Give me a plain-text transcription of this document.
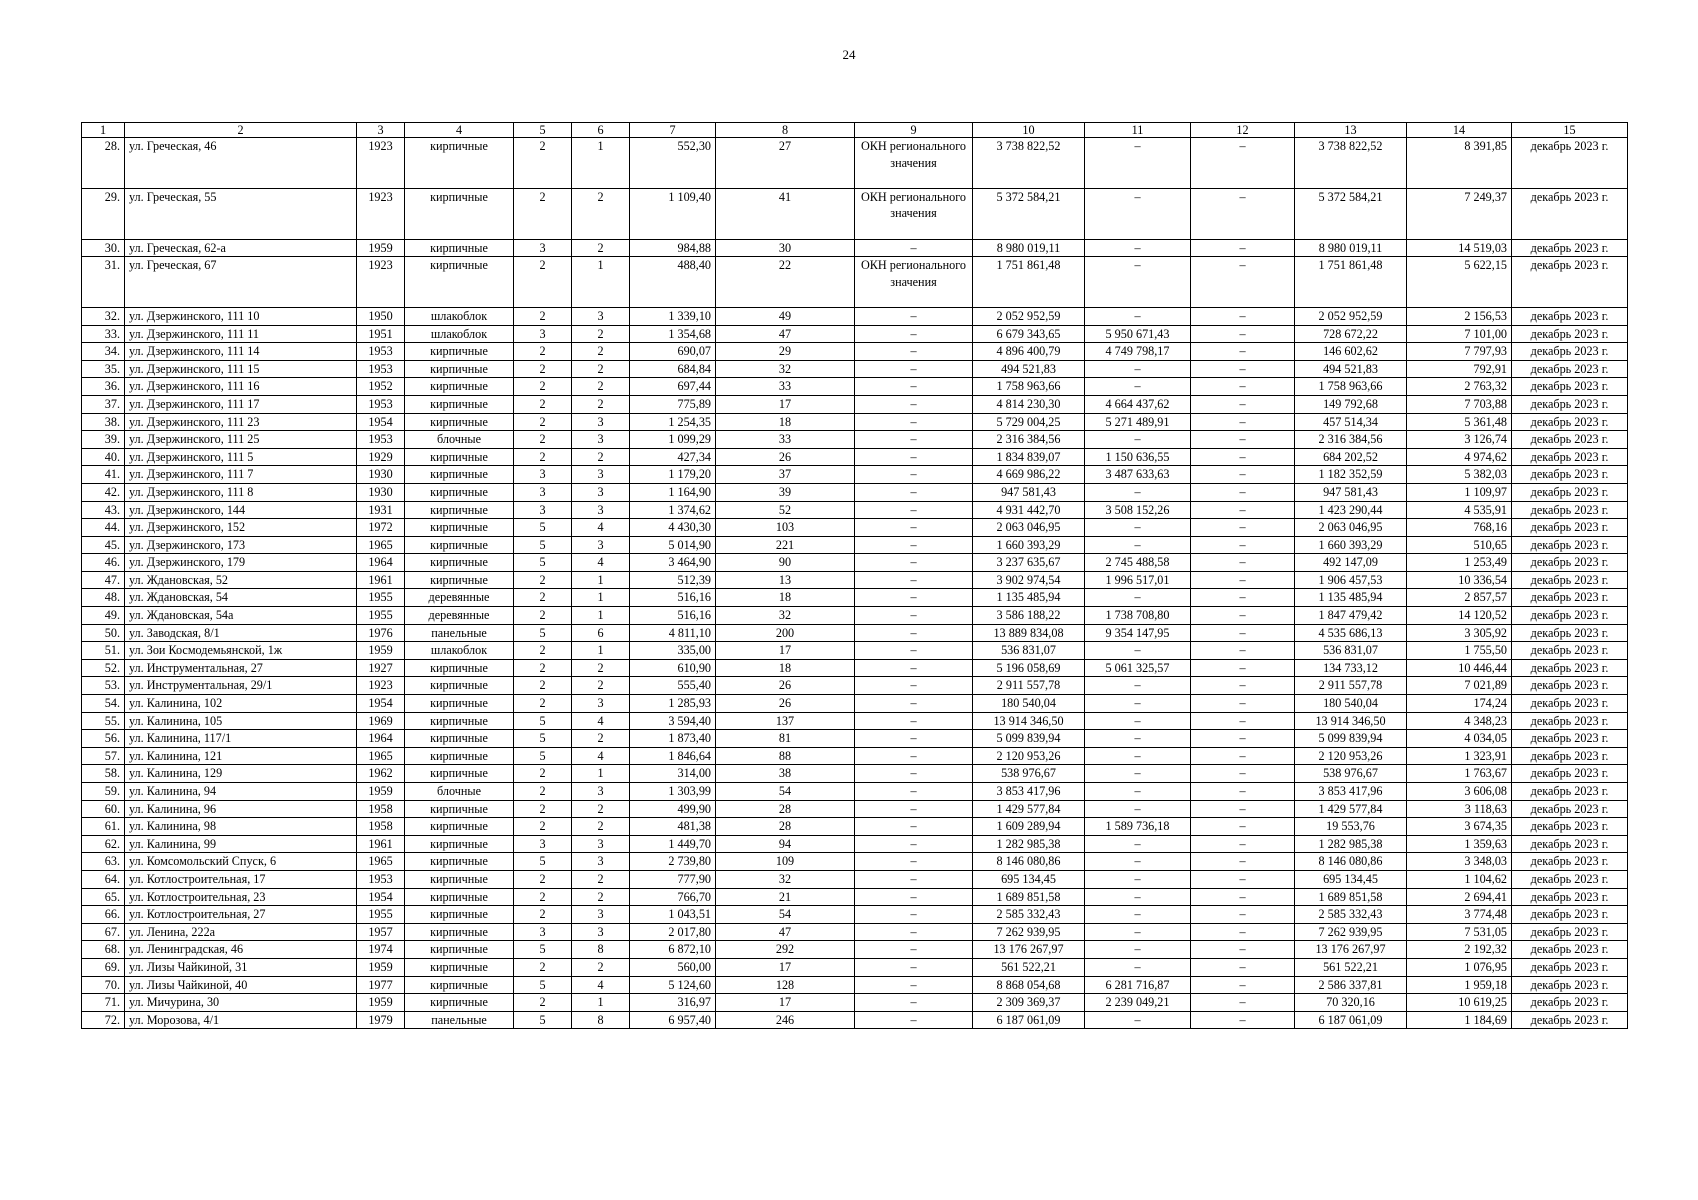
24
1	2	3	4	5	6	7	8	9	10	11	12	13	14	15
28.	ул. Греческая, 46	1923	кирпичные	2	1	552,30	27	ОКН регионального значения	3 738 822,52	–	–	3 738 822,52	8 391,85	декабрь 2023 г.
29.	ул. Греческая, 55	1923	кирпичные	2	2	1 109,40	41	ОКН регионального значения	5 372 584,21	–	–	5 372 584,21	7 249,37	декабрь 2023 г.
30.	ул. Греческая, 62-а	1959	кирпичные	3	2	984,88	30	–	8 980 019,11	–	–	8 980 019,11	14 519,03	декабрь 2023 г.
31.	ул. Греческая, 67	1923	кирпичные	2	1	488,40	22	ОКН регионального значения	1 751 861,48	–	–	1 751 861,48	5 622,15	декабрь 2023 г.
32.	ул. Дзержинского, 111 10	1950	шлакоблок	2	3	1 339,10	49	–	2 052 952,59	–	–	2 052 952,59	2 156,53	декабрь 2023 г.
33.	ул. Дзержинского, 111 11	1951	шлакоблок	3	2	1 354,68	47	–	6 679 343,65	5 950 671,43	–	728 672,22	7 101,00	декабрь 2023 г.
34.	ул. Дзержинского, 111 14	1953	кирпичные	2	2	690,07	29	–	4 896 400,79	4 749 798,17	–	146 602,62	7 797,93	декабрь 2023 г.
35.	ул. Дзержинского, 111 15	1953	кирпичные	2	2	684,84	32	–	494 521,83	–	–	494 521,83	792,91	декабрь 2023 г.
36.	ул. Дзержинского, 111 16	1952	кирпичные	2	2	697,44	33	–	1 758 963,66	–	–	1 758 963,66	2 763,32	декабрь 2023 г.
37.	ул. Дзержинского, 111 17	1953	кирпичные	2	2	775,89	17	–	4 814 230,30	4 664 437,62	–	149 792,68	7 703,88	декабрь 2023 г.
38.	ул. Дзержинского, 111 23	1954	кирпичные	2	3	1 254,35	18	–	5 729 004,25	5 271 489,91	–	457 514,34	5 361,48	декабрь 2023 г.
39.	ул. Дзержинского, 111 25	1953	блочные	2	3	1 099,29	33	–	2 316 384,56	–	–	2 316 384,56	3 126,74	декабрь 2023 г.
40.	ул. Дзержинского, 111 5	1929	кирпичные	2	2	427,34	26	–	1 834 839,07	1 150 636,55	–	684 202,52	4 974,62	декабрь 2023 г.
41.	ул. Дзержинского, 111 7	1930	кирпичные	3	3	1 179,20	37	–	4 669 986,22	3 487 633,63	–	1 182 352,59	5 382,03	декабрь 2023 г.
42.	ул. Дзержинского, 111 8	1930	кирпичные	3	3	1 164,90	39	–	947 581,43	–	–	947 581,43	1 109,97	декабрь 2023 г.
43.	ул. Дзержинского, 144	1931	кирпичные	3	3	1 374,62	52	–	4 931 442,70	3 508 152,26	–	1 423 290,44	4 535,91	декабрь 2023 г.
44.	ул. Дзержинского, 152	1972	кирпичные	5	4	4 430,30	103	–	2 063 046,95	–	–	2 063 046,95	768,16	декабрь 2023 г.
45.	ул. Дзержинского, 173	1965	кирпичные	5	3	5 014,90	221	–	1 660 393,29	–	–	1 660 393,29	510,65	декабрь 2023 г.
46.	ул. Дзержинского, 179	1964	кирпичные	5	4	3 464,90	90	–	3 237 635,67	2 745 488,58	–	492 147,09	1 253,49	декабрь 2023 г.
47.	ул. Ждановская, 52	1961	кирпичные	2	1	512,39	13	–	3 902 974,54	1 996 517,01	–	1 906 457,53	10 336,54	декабрь 2023 г.
48.	ул. Ждановская, 54	1955	деревянные	2	1	516,16	18	–	1 135 485,94	–	–	1 135 485,94	2 857,57	декабрь 2023 г.
49.	ул. Ждановская, 54а	1955	деревянные	2	1	516,16	32	–	3 586 188,22	1 738 708,80	–	1 847 479,42	14 120,52	декабрь 2023 г.
50.	ул. Заводская, 8/1	1976	панельные	5	6	4 811,10	200	–	13 889 834,08	9 354 147,95	–	4 535 686,13	3 305,92	декабрь 2023 г.
51.	ул. Зои Космодемьянской, 1ж	1959	шлакоблок	2	1	335,00	17	–	536 831,07	–	–	536 831,07	1 755,50	декабрь 2023 г.
52.	ул. Инструментальная, 27	1927	кирпичные	2	2	610,90	18	–	5 196 058,69	5 061 325,57	–	134 733,12	10 446,44	декабрь 2023 г.
53.	ул. Инструментальная, 29/1	1923	кирпичные	2	2	555,40	26	–	2 911 557,78	–	–	2 911 557,78	7 021,89	декабрь 2023 г.
54.	ул. Калинина, 102	1954	кирпичные	2	3	1 285,93	26	–	180 540,04	–	–	180 540,04	174,24	декабрь 2023 г.
55.	ул. Калинина, 105	1969	кирпичные	5	4	3 594,40	137	–	13 914 346,50	–	–	13 914 346,50	4 348,23	декабрь 2023 г.
56.	ул. Калинина, 117/1	1964	кирпичные	5	2	1 873,40	81	–	5 099 839,94	–	–	5 099 839,94	4 034,05	декабрь 2023 г.
57.	ул. Калинина, 121	1965	кирпичные	5	4	1 846,64	88	–	2 120 953,26	–	–	2 120 953,26	1 323,91	декабрь 2023 г.
58.	ул. Калинина, 129	1962	кирпичные	2	1	314,00	38	–	538 976,67	–	–	538 976,67	1 763,67	декабрь 2023 г.
59.	ул. Калинина, 94	1959	блочные	2	3	1 303,99	54	–	3 853 417,96	–	–	3 853 417,96	3 606,08	декабрь 2023 г.
60.	ул. Калинина, 96	1958	кирпичные	2	2	499,90	28	–	1 429 577,84	–	–	1 429 577,84	3 118,63	декабрь 2023 г.
61.	ул. Калинина, 98	1958	кирпичные	2	2	481,38	28	–	1 609 289,94	1 589 736,18	–	19 553,76	3 674,35	декабрь 2023 г.
62.	ул. Калинина, 99	1961	кирпичные	3	3	1 449,70	94	–	1 282 985,38	–	–	1 282 985,38	1 359,63	декабрь 2023 г.
63.	ул. Комсомольский Спуск, 6	1965	кирпичные	5	3	2 739,80	109	–	8 146 080,86	–	–	8 146 080,86	3 348,03	декабрь 2023 г.
64.	ул. Котлостроительная, 17	1953	кирпичные	2	2	777,90	32	–	695 134,45	–	–	695 134,45	1 104,62	декабрь 2023 г.
65.	ул. Котлостроительная, 23	1954	кирпичные	2	2	766,70	21	–	1 689 851,58	–	–	1 689 851,58	2 694,41	декабрь 2023 г.
66.	ул. Котлостроительная, 27	1955	кирпичные	2	3	1 043,51	54	–	2 585 332,43	–	–	2 585 332,43	3 774,48	декабрь 2023 г.
67.	ул. Ленина, 222а	1957	кирпичные	3	3	2 017,80	47	–	7 262 939,95	–	–	7 262 939,95	7 531,05	декабрь 2023 г.
68.	ул. Ленинградская, 46	1974	кирпичные	5	8	6 872,10	292	–	13 176 267,97	–	–	13 176 267,97	2 192,32	декабрь 2023 г.
69.	ул. Лизы Чайкиной, 31	1959	кирпичные	2	2	560,00	17	–	561 522,21	–	–	561 522,21	1 076,95	декабрь 2023 г.
70.	ул. Лизы Чайкиной, 40	1977	кирпичные	5	4	5 124,60	128	–	8 868 054,68	6 281 716,87	–	2 586 337,81	1 959,18	декабрь 2023 г.
71.	ул. Мичурина, 30	1959	кирпичные	2	1	316,97	17	–	2 309 369,37	2 239 049,21	–	70 320,16	10 619,25	декабрь 2023 г.
72.	ул. Морозова, 4/1	1979	панельные	5	8	6 957,40	246	–	6 187 061,09	–	–	6 187 061,09	1 184,69	декабрь 2023 г.
